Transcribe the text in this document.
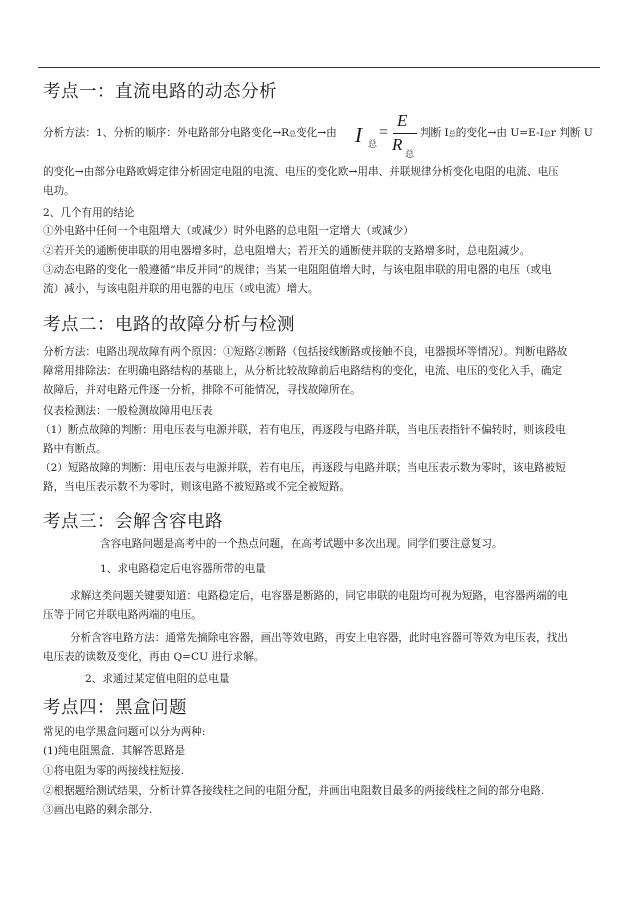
考点一：直流电路的动态分析
分析方法：1、分析的顺序：外电路部分电路变化→R总变化→由 I 总
=
E
R 总
判断 I总的变化→由 U=E-I总r 判断 U
的变化→由部分电路欧姆定律分析固定电阻的电流、电压的变化欧→用串、并联规律分析变化电阻的电流、电压
电功。
2、几个有用的结论
①外电路中任何一个电阻增大（或减少）时外电路的总电阻一定增大（或减少）
②若开关的通断使串联的用电器增多时，总电阻增大；若开关的通断使并联的支路增多时，总电阻减少。
③动态电路的变化一般遵循“串反并同”的规律；当某一电阻阻值增大时，与该电阻串联的用电器的电压（或电
流）减小，与该电阻并联的用电器的电压（或电流）增大。
考点二：电路的故障分析与检测
分析方法：电路出现故障有两个原因：①短路②断路（包括接线断路或接触不良，电器损坏等情况）。判断电路故
障常用排除法：在明确电路结构的基础上，从分析比较故障前后电路结构的变化，电流、电压的变化入手，确定
故障后，并对电路元件逐一分析，排除不可能情况，寻找故障所在。
仪表检测法：一般检测故障用电压表
（1）断点故障的判断：用电压表与电源并联，若有电压，再逐段与电路并联，当电压表指针不偏转时，则该段电
路中有断点。
（2）短路故障的判断：用电压表与电源并联，若有电压，再逐段与电路并联；当电压表示数为零时，该电路被短
路，当电压表示数不为零时，则该电路不被短路或不完全被短路。
考点三：会解含容电路
含容电路问题是高考中的一个热点问题，在高考试题中多次出现。同学们要注意复习。
1、求电路稳定后电容器所带的电量
求解这类问题关键要知道：电路稳定后，电容器是断路的，同它串联的电阻均可视为短路，电容器两端的电
压等于同它并联电路两端的电压。
分析含容电路方法：通常先摘除电容器，画出等效电路，再安上电容器，此时电容器可等效为电压表，找出
电压表的读数及变化，再由 Q=CU 进行求解。
2、求通过某定值电阻的总电量
考点四：黑盒问题
常见的电学黑盒问题可以分为两种:
(1)纯电阻黑盒．其解答思路是
①将电阻为零的两接线柱短接.
②根据题给测试结果，分析计算各接线柱之间的电阻分配，并画出电阻数目最多的两接线柱之间的部分电路.
③画出电路的剩余部分.
